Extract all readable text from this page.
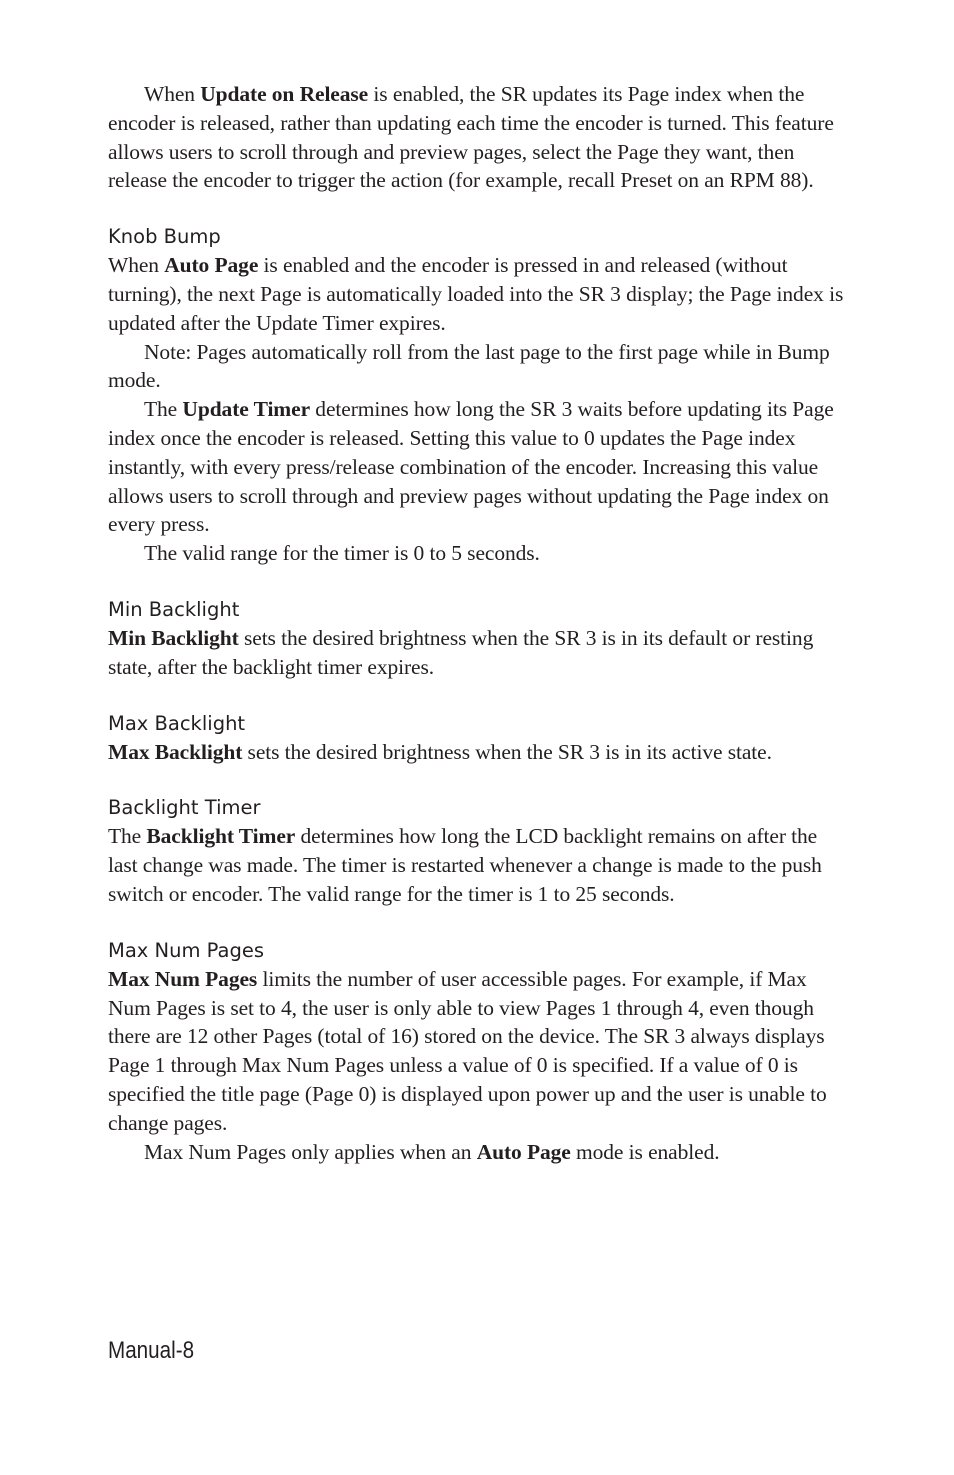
When Update on Release is enabled, the SR updates its Page index when the encoder is released, rather than updating each time the encoder is turned. This feature allows users to scroll through and preview pages, select the Page they want, then release the encoder to trigger the action (for example, recall Preset on an RPM 88).

Knob Bump

When Auto Page is enabled and the encoder is pressed in and released (without turning), the next Page is automatically loaded into the SR 3 display; the Page index is updated after the Update Timer expires.

Note: Pages automatically roll from the last page to the first page while in Bump mode.

The Update Timer determines how long the SR 3 waits before updating its Page index once the encoder is released. Setting this value to 0 updates the Page index instantly, with every press/release combination of the encoder. Increasing this value allows users to scroll through and preview pages without updating the Page index on every press.

The valid range for the timer is 0 to 5 seconds.

Min Backlight

Min Backlight sets the desired brightness when the SR 3 is in its default or resting state, after the backlight timer expires.

Max Backlight

Max Backlight sets the desired brightness when the SR 3 is in its active state.

Backlight Timer

The Backlight Timer determines how long the LCD backlight remains on after the last change was made. The timer is restarted whenever a change is made to the push switch or encoder. The valid range for the timer is 1 to 25 seconds.

Max Num Pages

Max Num Pages limits the number of user accessible pages. For example, if Max Num Pages is set to 4, the user is only able to view Pages 1 through 4, even though there are 12 other Pages (total of 16) stored on the device. The SR 3 always displays Page 1 through Max Num Pages unless a value of 0 is specified. If a value of 0 is specified the title page (Page 0) is displayed upon power up and the user is unable to change pages.

Max Num Pages only applies when an Auto Page mode is enabled.

Manual-8
